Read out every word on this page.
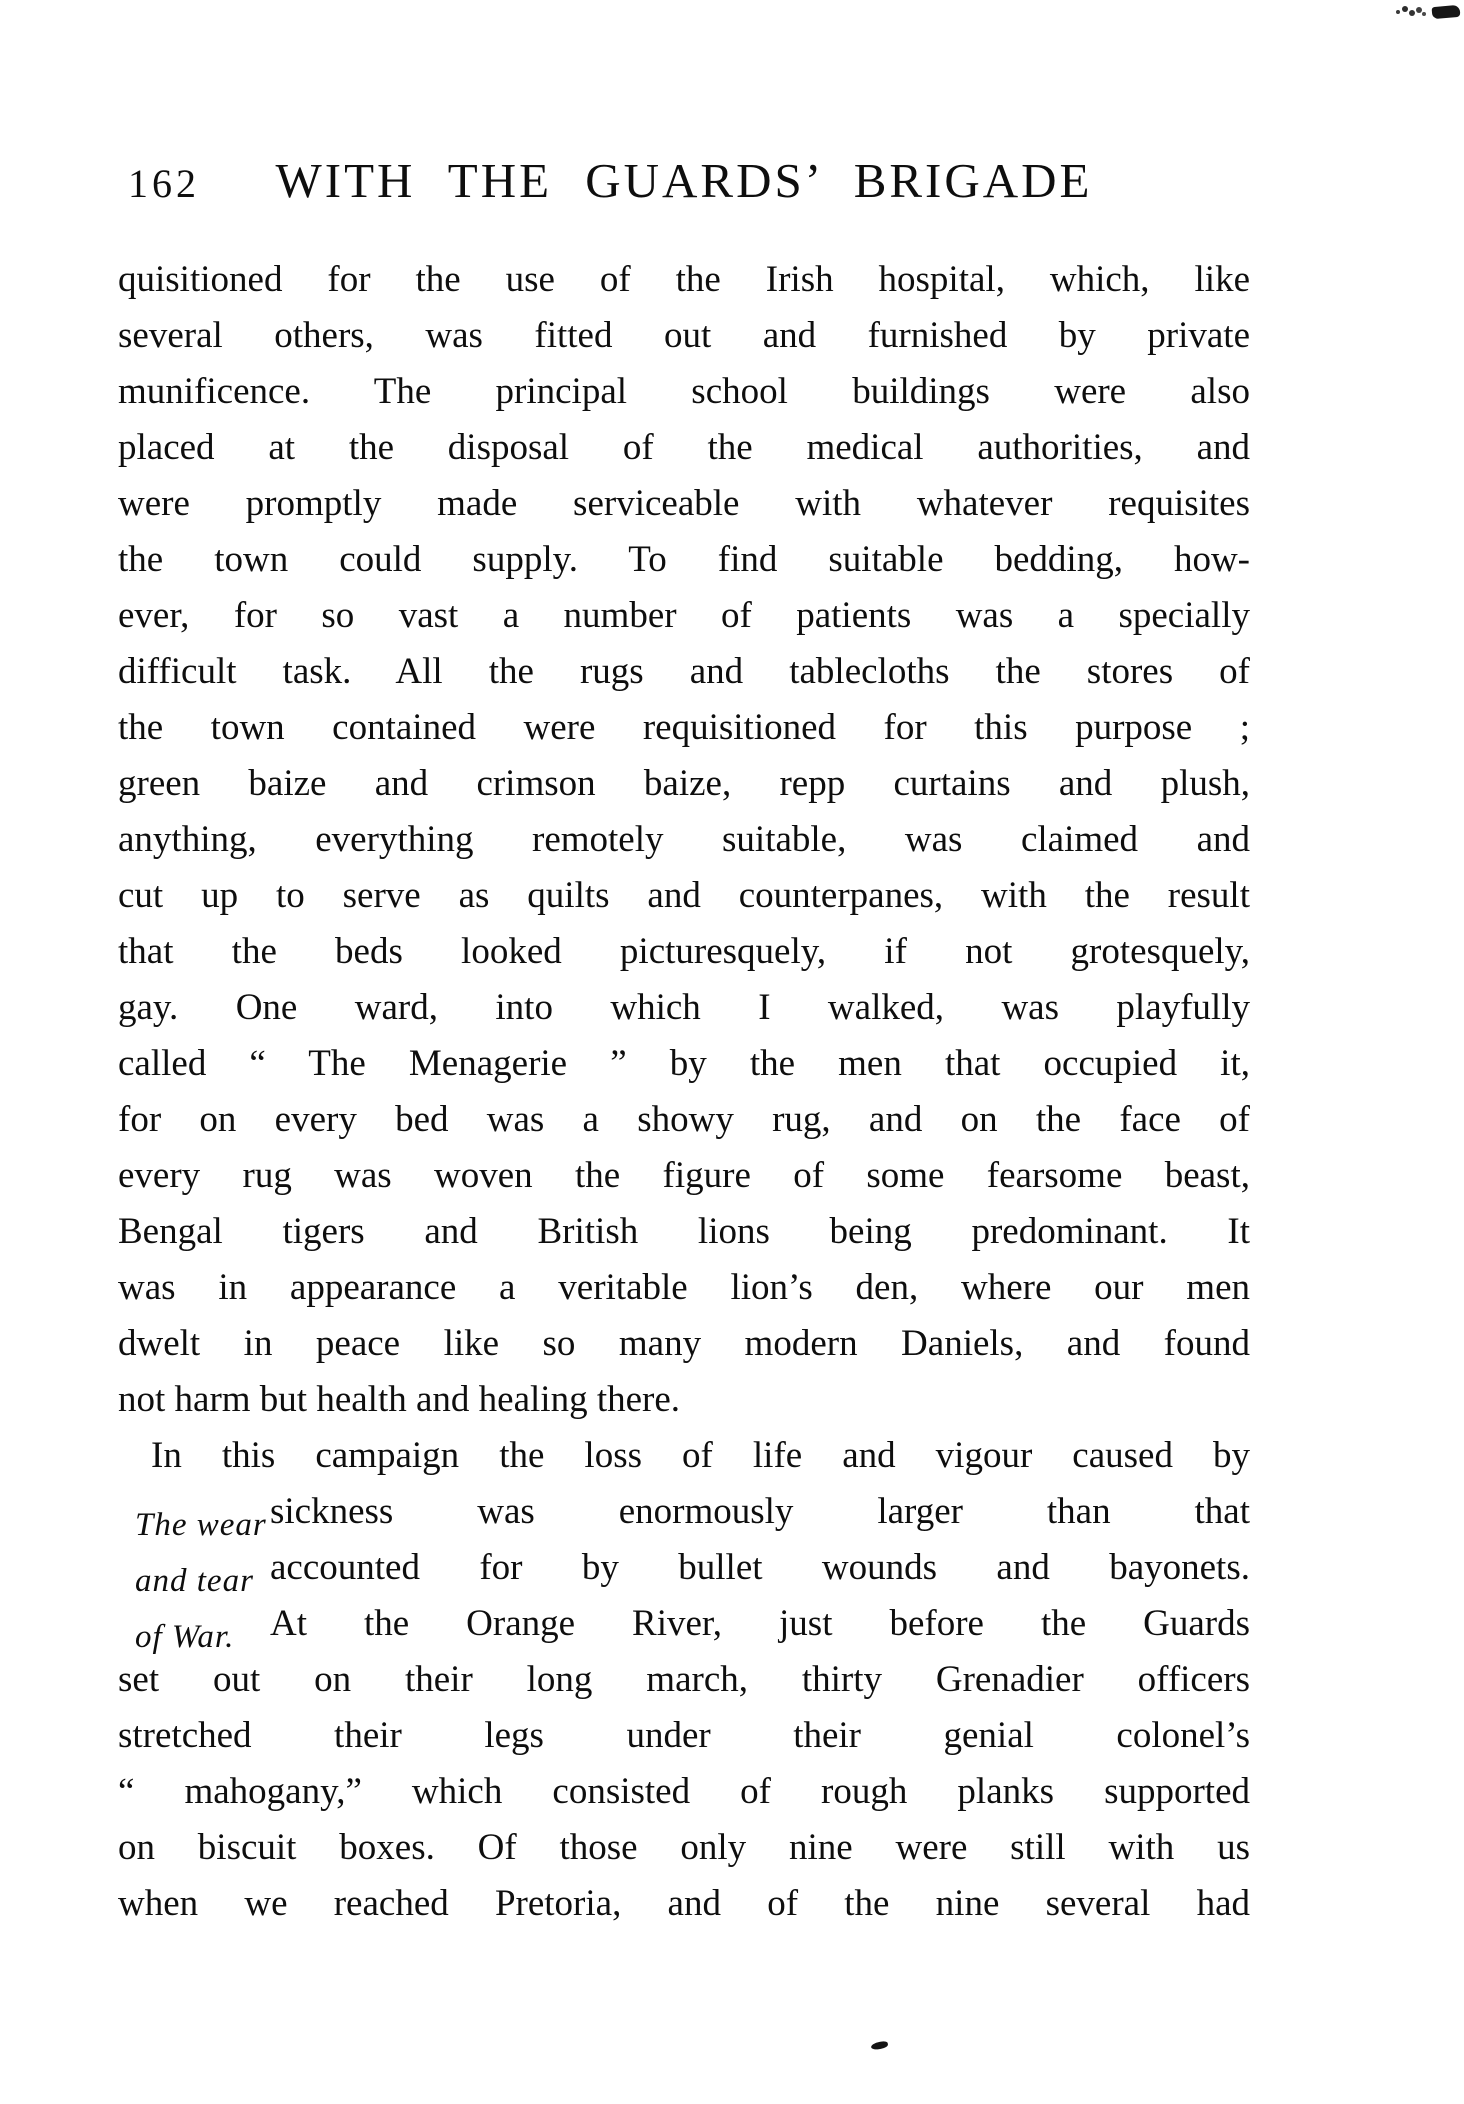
162	WITH THE GUARDS’ BRIGADE
quisitioned for the use of the Irish hospital, which, like
several others, was fitted out and furnished by private
munificence. The principal school buildings were also
placed at the disposal of the medical authorities, and
were promptly made serviceable with whatever requisites
the town could supply. To find suitable bedding, how-
ever, for so vast a number of patients was a specially
difficult task. All the rugs and tablecloths the stores of
the town contained were requisitioned for this purpose ;
green baize and crimson baize, repp curtains and plush,
anything, everything remotely suitable, was claimed and
cut up to serve as quilts and counterpanes, with the result
that the beds looked picturesquely, if not grotesquely,
gay. One ward, into which I walked, was playfully
called “ The Menagerie ” by the men that occupied it,
for on every bed was a showy rug, and on the face of
every rug was woven the figure of some fearsome beast,
Bengal tigers and British lions being predominant. It
was in appearance a veritable lion’s den, where our men
dwelt in peace like so many modern Daniels, and found
not harm but health and healing there.
In this campaign the loss of life and vigour caused by
sickness was enormously larger than that
accounted for by bullet wounds and bayonets.
At the Orange River, just before the Guards
set out on their long march, thirty Grenadier officers
stretched their legs under their genial colonel’s
“ mahogany,” which consisted of rough planks supported
on biscuit boxes. Of those only nine were still with us
when we reached Pretoria, and of the nine several had
The wear
and tear
of War.
